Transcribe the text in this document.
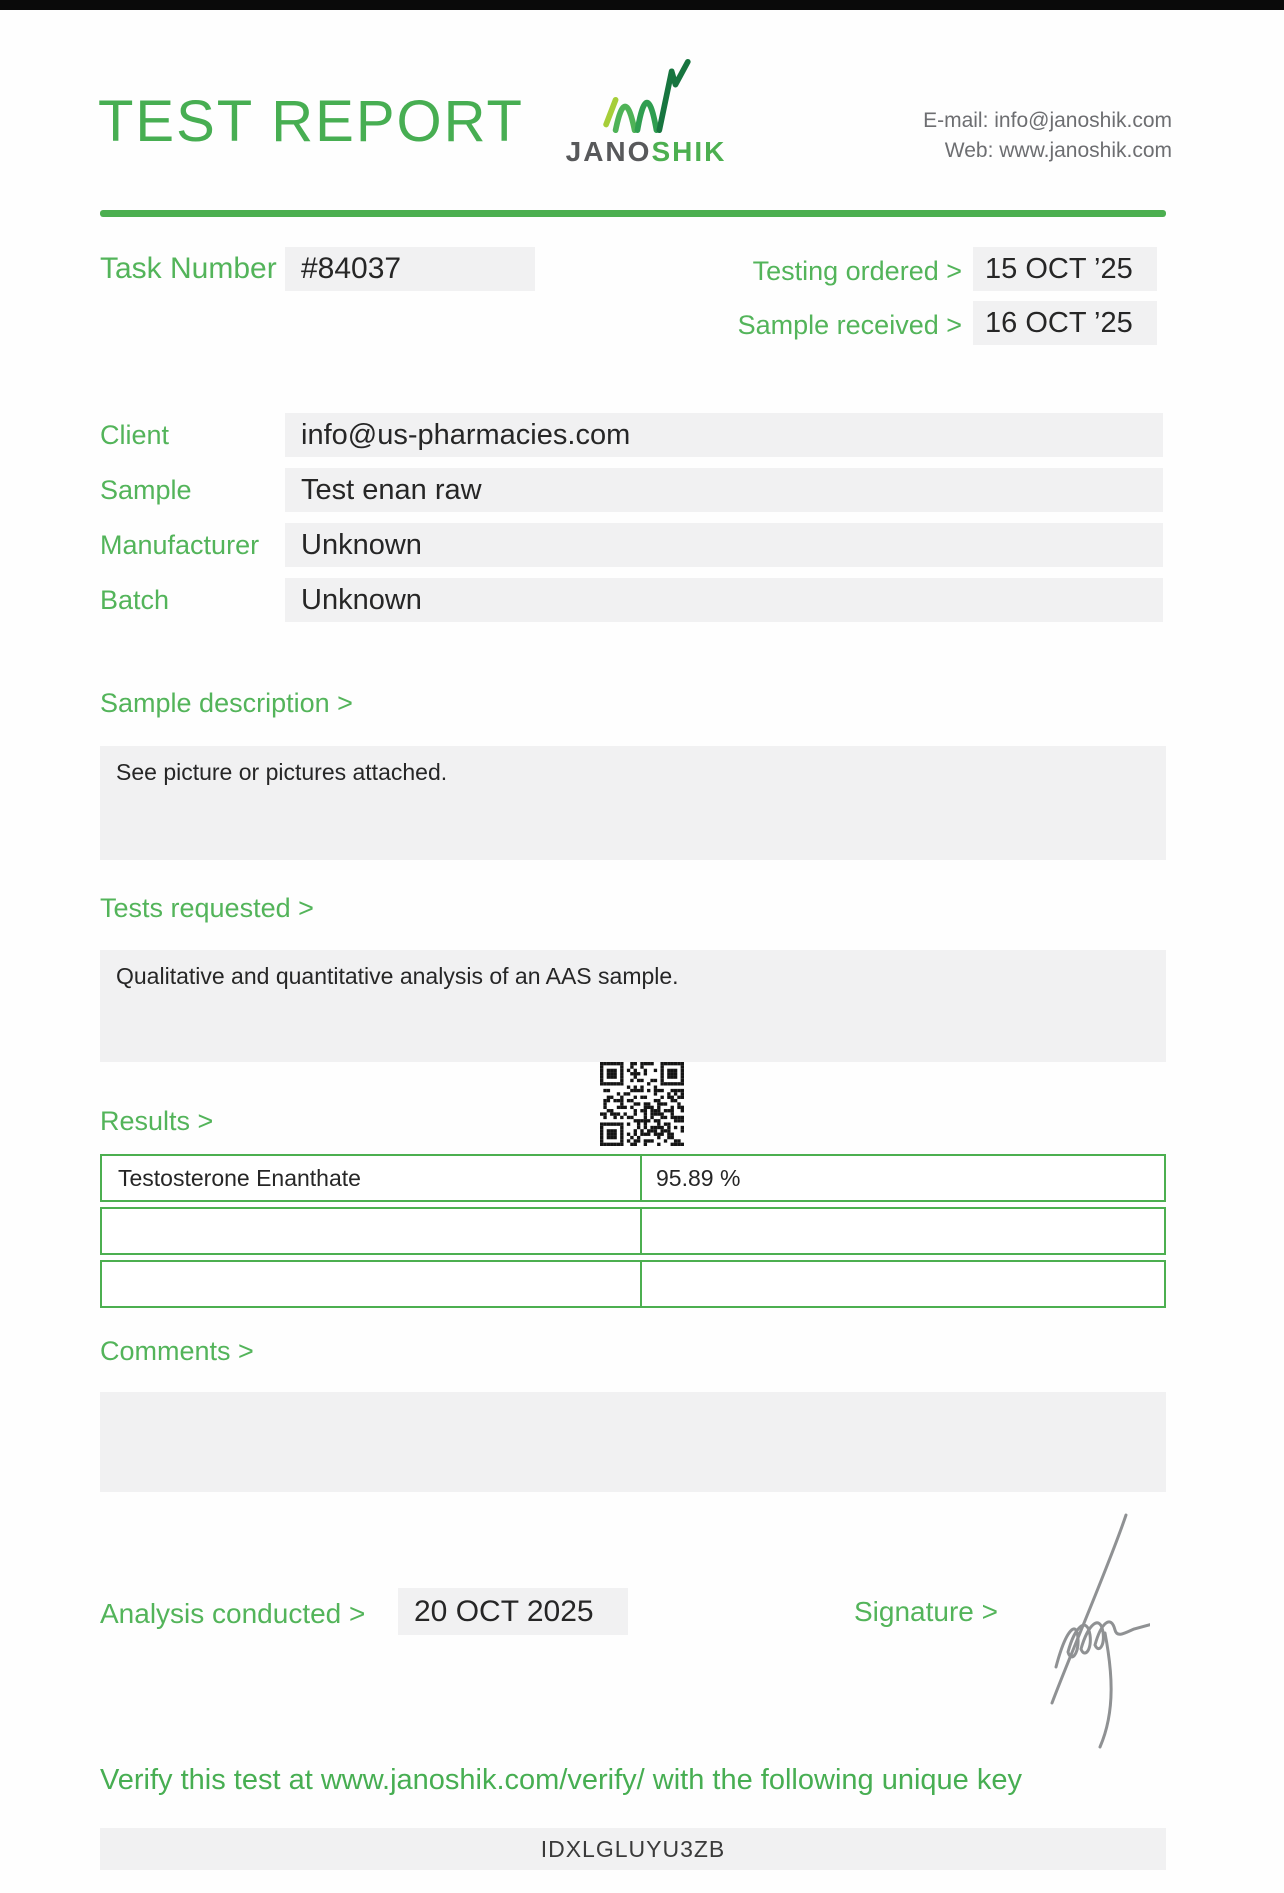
TEST REPORT	JANOSHIK
E-mail: info@janoshik.com
Web: www.janoshik.com
Task Number #84037	Testing ordered > 15 OCT ’25
Sample received > 16 OCT ’25
Client	info@us-pharmacies.com
Sample	Test enan raw
Manufacturer	Unknown
Batch	Unknown
Sample description >
See picture or pictures attached.
Tests requested >
Qualitative and quantitative analysis of an AAS sample.
Results >
Testosterone Enanthate	95.89 %
Comments >
Analysis conducted >	20 OCT 2025	Signature >
Verify this test at www.janoshik.com/verify/ with the following unique key
IDXLGLUYU3ZB
